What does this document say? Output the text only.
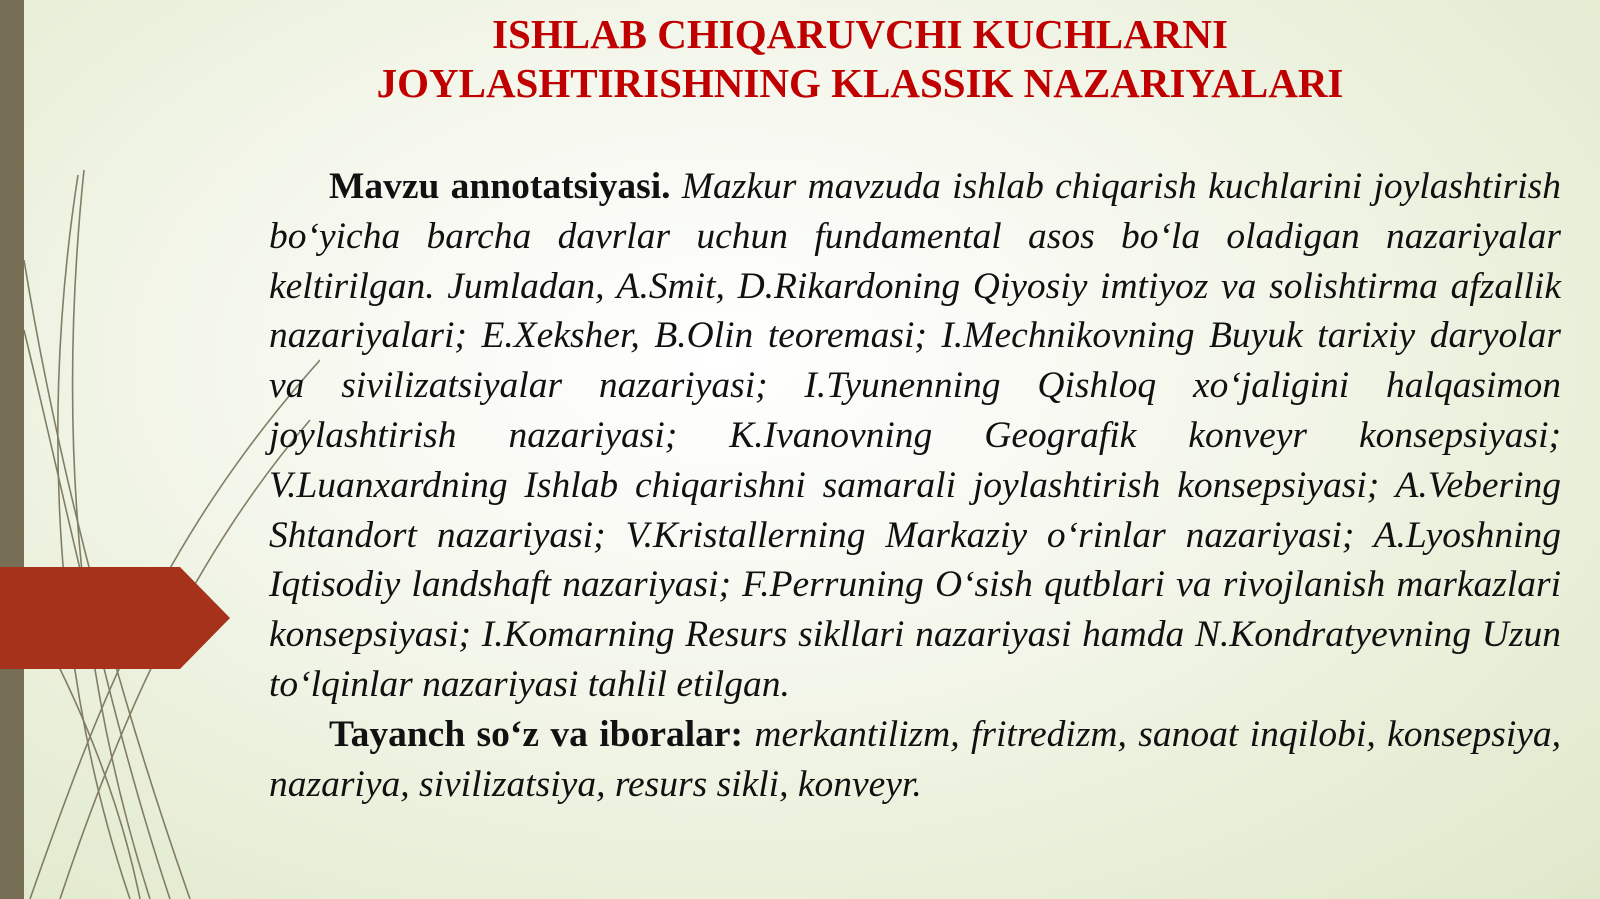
ISHLAB CHIQARUVCHI KUCHLARNI
JOYLASHTIRISHNING KLASSIK NAZARIYALARI

Mavzu annotatsiyasi. Mazkur mavzuda ishlab chiqarish kuchlarini joylashtirish bo‘yicha barcha davrlar uchun fundamental asos bo‘la oladigan nazariyalar keltirilgan. Jumladan, A.Smit, D.Rikardoning Qiyosiy imtiyoz va solishtirma afzallik nazariyalari; E.Xeksher, B.Olin teoremasi; I.Mechnikovning Buyuk tarixiy daryolar va sivilizatsiyalar nazariyasi; I.Tyunenning Qishloq xo‘jaligini halqasimon joylashtirish nazariyasi; K.Ivanovning Geografik konveyr konsepsiyasi; V.Luanxardning Ishlab chiqarishni samarali joylashtirish konsepsiyasi; A.Vebering Shtandort nazariyasi; V.Kristallerning Markaziy o‘rinlar nazariyasi; A.Lyoshning Iqtisodiy landshaft nazariyasi; F.Perruning O‘sish qutblari va rivojlanish markazlari konsepsiyasi; I.Komarning Resurs sikllari nazariyasi hamda N.Kondratyevning Uzun to‘lqinlar nazariyasi tahlil etilgan.

Tayanch so‘z va iboralar: merkantilizm, fritredizm, sanoat inqilobi, konsepsiya, nazariya, sivilizatsiya, resurs sikli, konveyr.
